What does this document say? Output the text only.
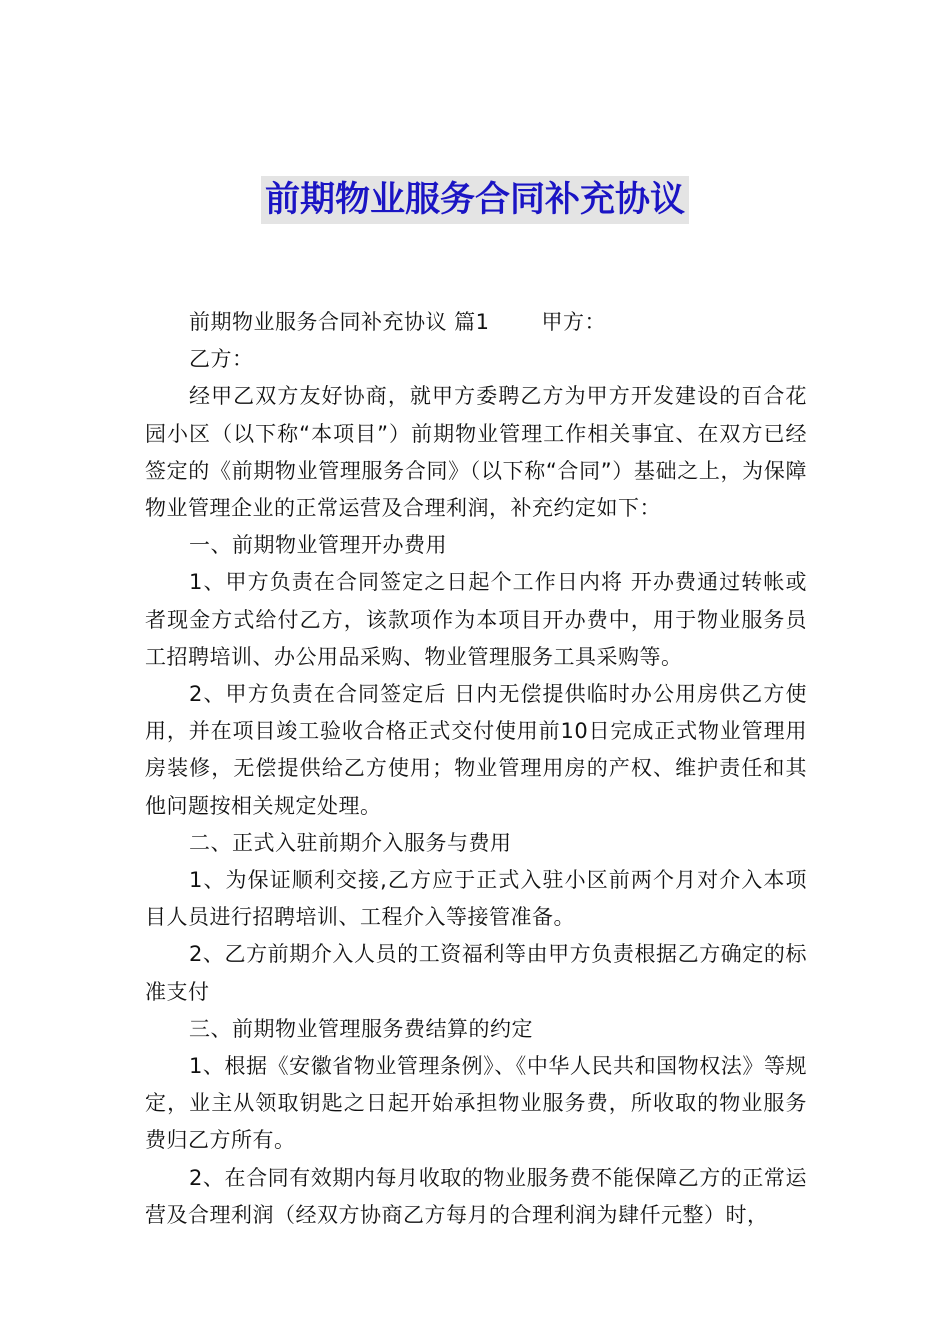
前期物业服务合同补充协议

前期物业服务合同补充协议 篇1 甲方：

乙方：

经甲乙双方友好协商，就甲方委聘乙方为甲方开发建设的百合花园小区（以下称“本项目”）前期物业管理工作相关事宜、在双方已经签定的《前期物业管理服务合同》（以下称“合同”）基础之上，为保障物业管理企业的正常运营及合理利润，补充约定如下：

一、前期物业管理开办费用

1、甲方负责在合同签定之日起个工作日内将 开办费通过转帐或者现金方式给付乙方，该款项作为本项目开办费中，用于物业服务员工招聘培训、办公用品采购、物业管理服务工具采购等。

2、甲方负责在合同签定后 日内无偿提供临时办公用房供乙方使用，并在项目竣工验收合格正式交付使用前10日完成正式物业管理用房装修，无偿提供给乙方使用；物业管理用房的产权、维护责任和其他问题按相关规定处理。

二、正式入驻前期介入服务与费用

1、为保证顺利交接,乙方应于正式入驻小区前两个月对介入本项目人员进行招聘培训、工程介入等接管准备。

2、乙方前期介入人员的工资福利等由甲方负责根据乙方确定的标准支付

三、前期物业管理服务费结算的约定

1、根据《安徽省物业管理条例》、《中华人民共和国物权法》等规定，业主从领取钥匙之日起开始承担物业服务费，所收取的物业服务费归乙方所有。

2、在合同有效期内每月收取的物业服务费不能保障乙方的正常运营及合理利润（经双方协商乙方每月的合理利润为肆仟元整）时，
